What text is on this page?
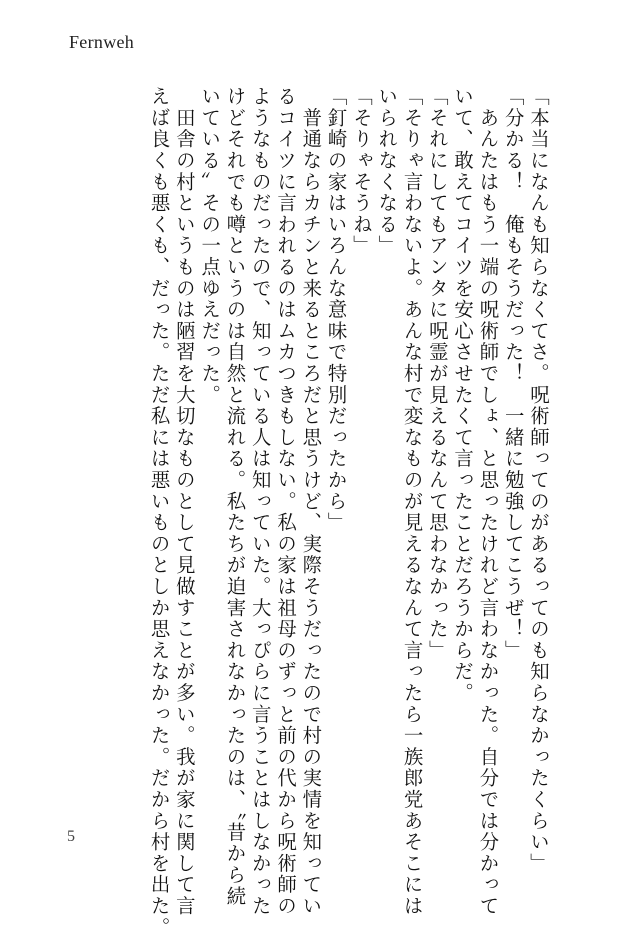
Fernweh
「本当になんも知らなくてさ。呪術師ってのがあるってのも知らなかったくらい」
「分かる！　俺もそうだった！　一緒に勉強してこうぜ！」
　あんたはもう一端の呪術師でしょ、と思ったけれど言わなかった。自分では分かって
いて、敢えてコイツを安心させたくて言ったことだろうからだ。
「それにしてもアンタに呪霊が見えるなんて思わなかった」
「そりゃ言わないよ。あんな村で変なものが見えるなんて言ったら一族郎党あそこには
いられなくなる」
「そりゃそうね」
「釘崎の家はいろんな意味で特別だったから」
　普通ならカチンと来るところだと思うけど、実際そうだったので村の実情を知ってい
るコイツに言われるのはムカつきもしない。私の家は祖母のずっと前の代から呪術師の
ようなものだったので、知っている人は知っていた。大っぴらに言うことはしなかった
けどそれでも噂というのは自然と流れる。私たちが迫害されなかったのは、〝昔から続
いている〟その一点ゆえだった。
　田舎の村というものは陋習を大切なものとして見做すことが多い。我が家に関して言
えば良くも悪くも、だった。ただ私には悪いものとしか思えなかった。だから村を出た。
5
